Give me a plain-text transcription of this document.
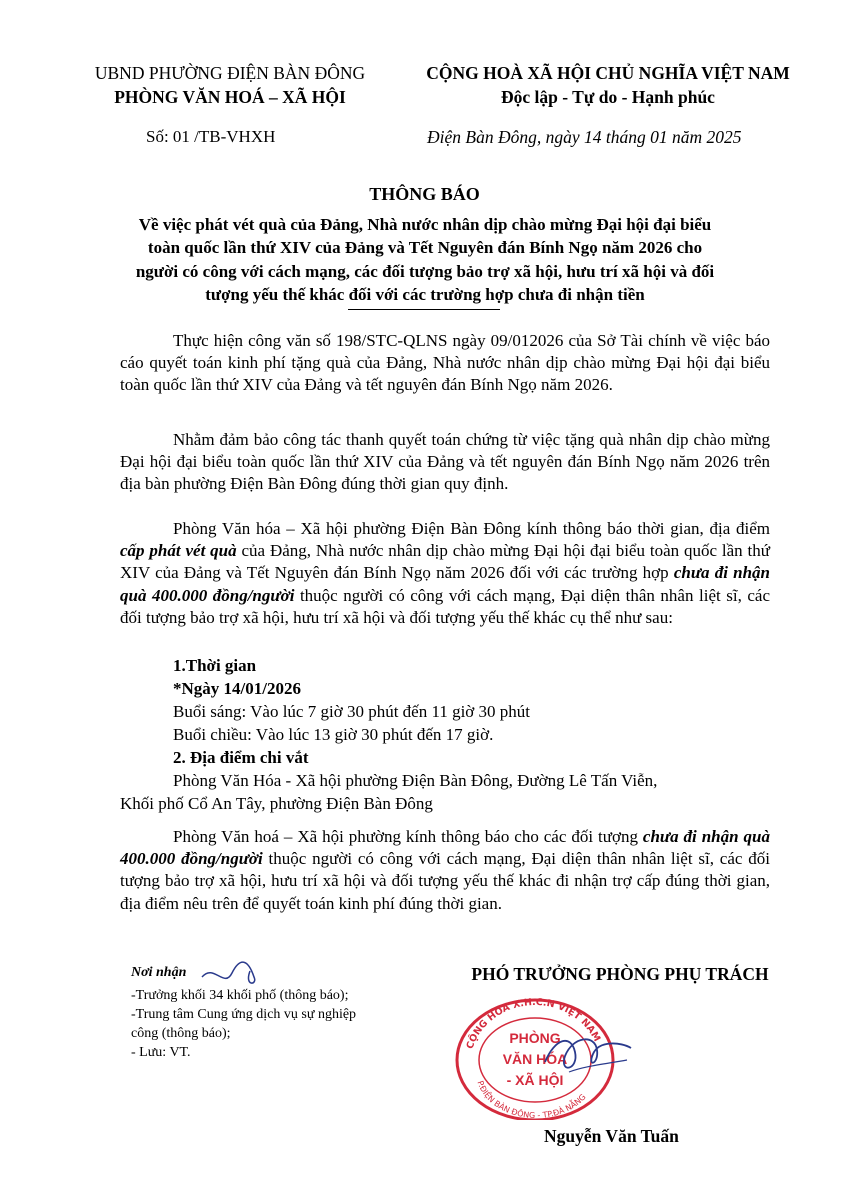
UBND PHƯỜNG ĐIỆN BÀN ĐÔNG
PHÒNG VĂN HOÁ – XÃ HỘI
CỘNG HOÀ XÃ HỘI CHỦ NGHĨA VIỆT NAM
Độc lập - Tự do - Hạnh phúc
Số: 01 /TB-VHXH	Điện Bàn Đông, ngày 14 tháng 01 năm 2025
THÔNG BÁO
Về việc phát vét quà của Đảng, Nhà nước nhân dịp chào mừng Đại hội đại biểu
toàn quốc lần thứ XIV của Đảng và Tết Nguyên đán Bính Ngọ năm 2026 cho
người có công với cách mạng, các đối tượng bảo trợ xã hội, hưu trí xã hội và đối
tượng yếu thế khác đối với các trường hợp chưa đi nhận tiền
Thực hiện công văn số 198/STC-QLNS ngày 09/012026 của Sở Tài chính về việc báo cáo quyết toán kinh phí tặng quà của Đảng, Nhà nước nhân dịp chào mừng Đại hội đại biểu toàn quốc lần thứ XIV của Đảng và tết nguyên đán Bính Ngọ năm 2026.
Nhằm đảm bảo công tác thanh quyết toán chứng từ việc tặng quà nhân dịp chào mừng Đại hội đại biểu toàn quốc lần thứ XIV của Đảng và tết nguyên đán Bính Ngọ năm 2026 trên địa bàn phường Điện Bàn Đông đúng thời gian quy định.
Phòng Văn hóa – Xã hội phường Điện Bàn Đông kính thông báo thời gian, địa điểm cấp phát vét quà của Đảng, Nhà nước nhân dịp chào mừng Đại hội đại biểu toàn quốc lần thứ XIV của Đảng và Tết Nguyên đán Bính Ngọ năm 2026 đối với các trường hợp chưa đi nhận quà 400.000 đồng/người thuộc người có công với cách mạng, Đại diện thân nhân liệt sĩ, các đối tượng bảo trợ xã hội, hưu trí xã hội và đối tượng yếu thế khác cụ thể như sau:
1.Thời gian
*Ngày 14/01/2026
Buổi sáng: Vào lúc 7 giờ 30 phút đến 11 giờ 30 phút
Buổi chiều: Vào lúc 13 giờ 30 phút đến 17 giờ.
2. Địa điểm chi vắt
Phòng Văn Hóa - Xã hội phường Điện Bàn Đông, Đường Lê Tấn Viễn,
Khối phố Cổ An Tây, phường Điện Bàn Đông
Phòng Văn hoá – Xã hội phường kính thông báo cho các đối tượng chưa đi nhận quà 400.000 đồng/người thuộc người có công với cách mạng, Đại diện thân nhân liệt sĩ, các đối tượng bảo trợ xã hội, hưu trí xã hội và đối tượng yếu thế khác đi nhận trợ cấp đúng thời gian, địa điểm nêu trên để quyết toán kinh phí đúng thời gian.
Nơi nhận
-Trưởng khối 34 khối phố (thông báo);
-Trung tâm Cung ứng dịch vụ sự nghiệp
công (thông báo);
- Lưu: VT.
PHÓ TRƯỞNG PHÒNG PHỤ TRÁCH
CỘNG HÒA X.H.C.N VIỆT NAM
P.ĐIỆN BÀN ĐÔNG - TP.ĐÀ NẴNG
PHÒNG
VĂN HÓA
- XÃ HỘI
Nguyễn Văn Tuấn
